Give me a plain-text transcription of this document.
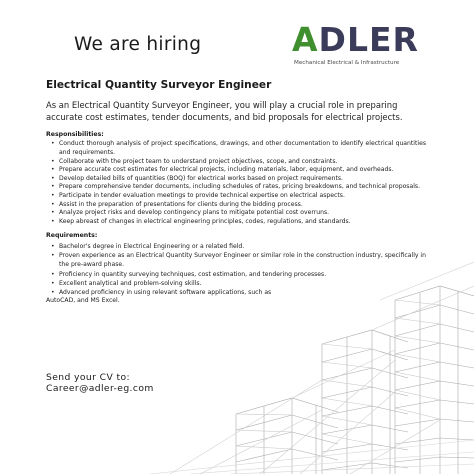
We are hiring	ADLER
Mechanical Electrical & Infrastructure
Electrical Quantity Surveyor Engineer
As an Electrical Quantity Surveyor Engineer, you will play a crucial role in preparing accurate cost estimates, tender documents, and bid proposals for electrical projects.
Responsibilities:
• Conduct thorough analysis of project specifications, drawings, and other documentation to identify electrical quantities and requirements.
• Collaborate with the project team to understand project objectives, scope, and constraints.
• Prepare accurate cost estimates for electrical projects, including materials, labor, equipment, and overheads.
• Develop detailed bills of quantities (BOQ) for electrical works based on project requirements.
• Prepare comprehensive tender documents, including schedules of rates, pricing breakdowns, and technical proposals.
• Participate in tender evaluation meetings to provide technical expertise on electrical aspects.
• Assist in the preparation of presentations for clients during the bidding process.
• Analyze project risks and develop contingency plans to mitigate potential cost overruns.
• Keep abreast of changes in electrical engineering principles, codes, regulations, and standards.
Requirements:
• Bachelor's degree in Electrical Engineering or a related field.
• Proven experience as an Electrical Quantity Surveyor Engineer or similar role in the construction industry, specifically in the pre-award phase.
• Proficiency in quantity surveying techniques, cost estimation, and tendering processes.
• Excellent analytical and problem-solving skills.
• Advanced proficiency in using relevant software applications, such as
AutoCAD, and MS Excel.
Send your CV to:
Career@adler-eg.com
